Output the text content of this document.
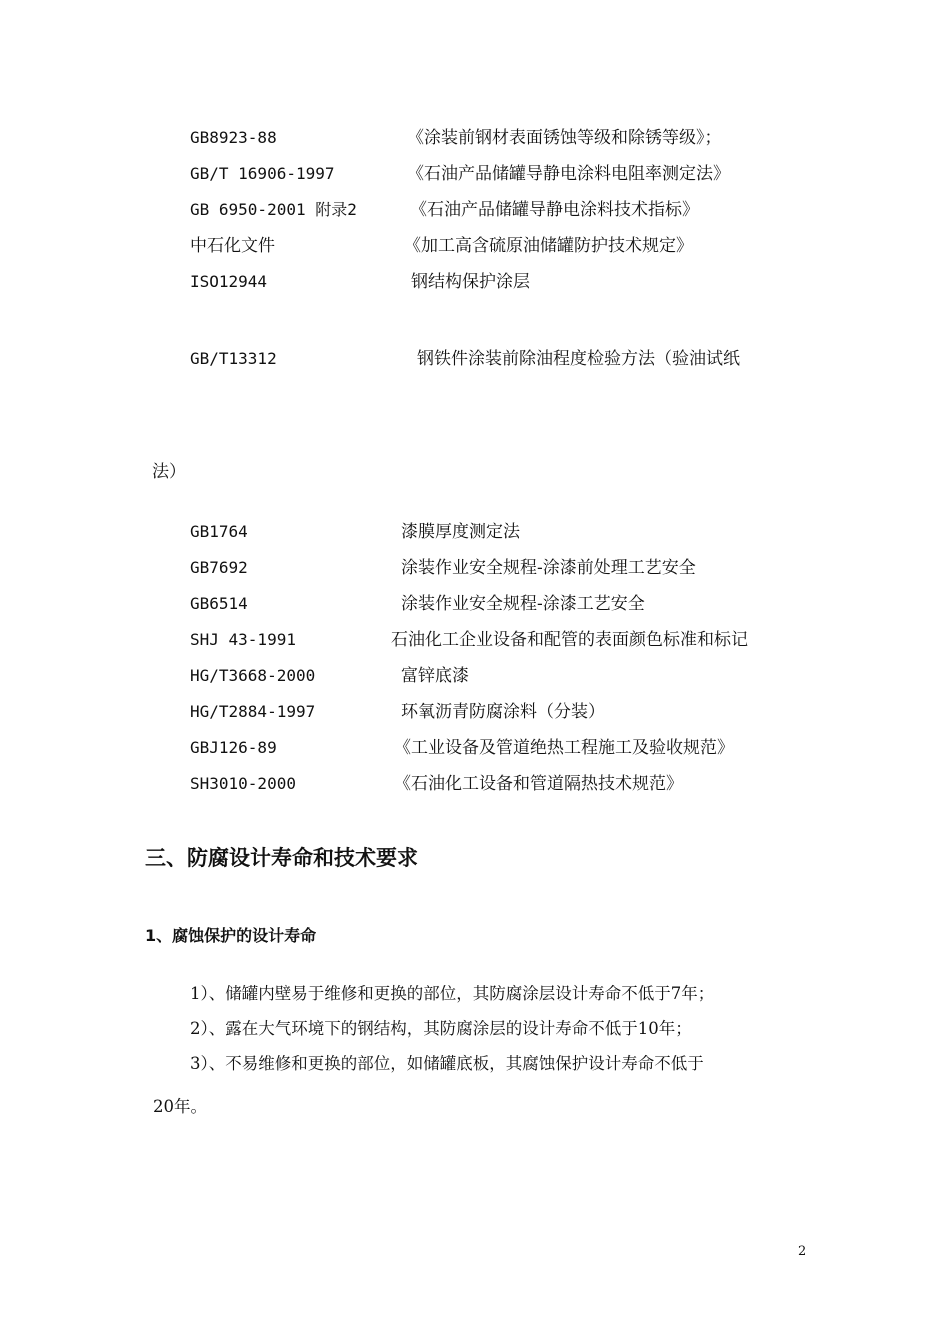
GB8923-88	《涂装前钢材表面锈蚀等级和除锈等级》；
GB/T 16906-1997	《石油产品储罐导静电涂料电阻率测定法》
GB 6950-2001 附录2	《石油产品储罐导静电涂料技术指标》
中石化文件	《加工高含硫原油储罐防护技术规定》
ISO12944	钢结构保护涂层
GB/T13312	钢铁件涂装前除油程度检验方法（验油试纸
法）
GB1764	漆膜厚度测定法
GB7692	涂装作业安全规程-涂漆前处理工艺安全
GB6514	涂装作业安全规程-涂漆工艺安全
SHJ 43-1991	石油化工企业设备和配管的表面颜色标准和标记
HG/T3668-2000	富锌底漆
HG/T2884-1997	环氧沥青防腐涂料（分装）
GBJ126-89	《工业设备及管道绝热工程施工及验收规范》
SH3010-2000	《石油化工设备和管道隔热技术规范》
三、防腐设计寿命和技术要求
1、腐蚀保护的设计寿命
1）、储罐内壁易于维修和更换的部位，其防腐涂层设计寿命不低于7年；
2）、露在大气环境下的钢结构，其防腐涂层的设计寿命不低于10年；
3）、不易维修和更换的部位，如储罐底板，其腐蚀保护设计寿命不低于
20年。
2
